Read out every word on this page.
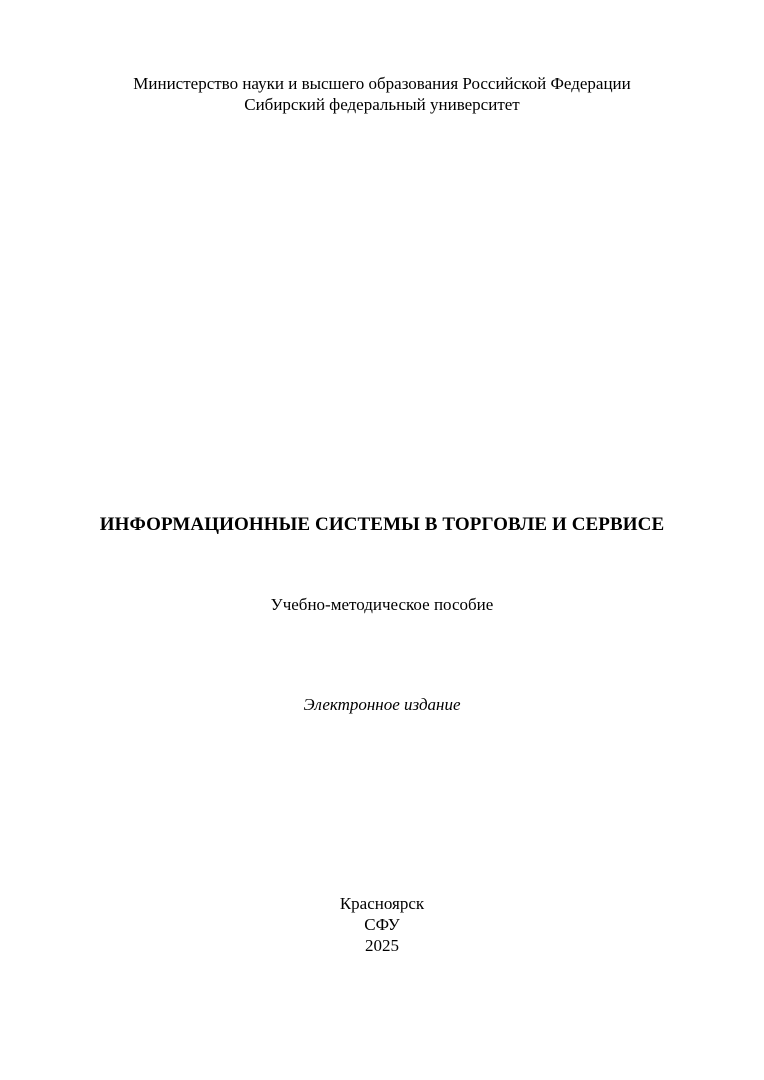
Министерство науки и высшего образования Российской Федерации
Сибирский федеральный университет
ИНФОРМАЦИОННЫЕ СИСТЕМЫ В ТОРГОВЛЕ И СЕРВИСЕ
Учебно-методическое пособие
Электронное издание
Красноярск
СФУ
2025
